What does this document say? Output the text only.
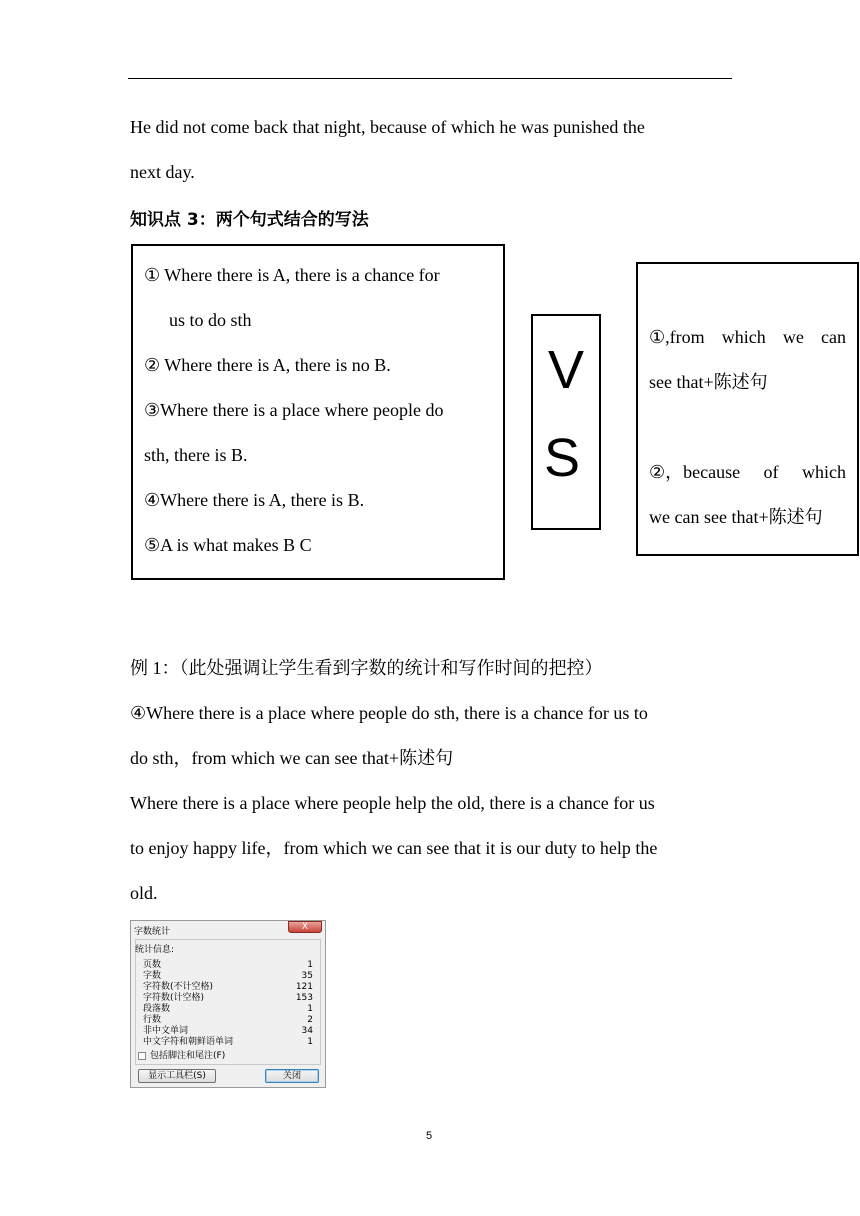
He did not come back that night, because of which he was punished the
next day.
知识点 3：两个句式结合的写法
① Where there is A, there is a chance for
us to do sth
② Where there is A, there is no B.
③Where there is a place where people do
sth, there is B.
④Where there is A, there is B.
⑤A is what makes B C
V
S
①,from which we can
see that+陈述句
②，because of which
we can see that+陈述句
例 1：（此处强调让学生看到字数的统计和写作时间的把控）
④Where there is a place where people do sth, there is a chance for us to
do sth，from which we can see that+陈述句
Where there is a place where people help the old, there is a chance for us
to enjoy happy life，from which we can see that it is our duty to help the
old.
字数统计	X
统计信息:
页数	1
字数	35
字符数(不计空格)	121
字符数(计空格)	153
段落数	1
行数	2
非中文单词	34
中文字符和朝鲜语单词	1
包括脚注和尾注(F)
显示工具栏(S)	关闭
5
